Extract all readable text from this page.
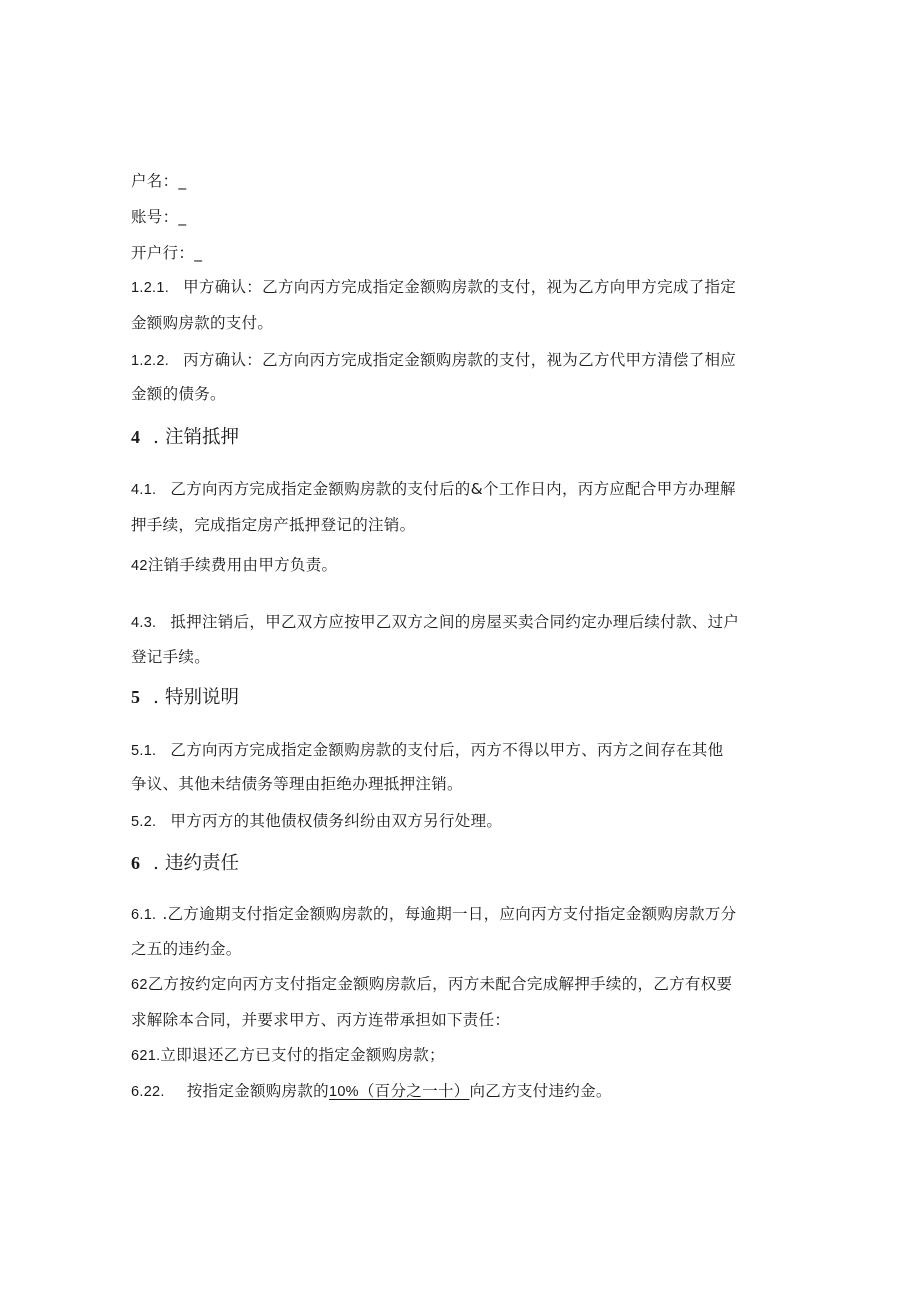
户名：_
账号：_
开户行：_
1.2.1. 甲方确认：乙方向丙方完成指定金额购房款的支付，视为乙方向甲方完成了指定
金额购房款的支付。
1.2.2. 丙方确认：乙方向丙方完成指定金额购房款的支付，视为乙方代甲方清偿了相应
金额的债务。
4 . 注销抵押
4.1. 乙方向丙方完成指定金额购房款的支付后的&个工作日内，丙方应配合甲方办理解
押手续，完成指定房产抵押登记的注销。
42注销手续费用由甲方负责。
4.3. 抵押注销后，甲乙双方应按甲乙双方之间的房屋买卖合同约定办理后续付款、过户
登记手续。
5 . 特别说明
5.1. 乙方向丙方完成指定金额购房款的支付后，丙方不得以甲方、丙方之间存在其他
争议、其他未结债务等理由拒绝办理抵押注销。
5.2. 甲方丙方的其他债权债务纠纷由双方另行处理。
6 . 违约责任
6.1. .乙方逾期支付指定金额购房款的，每逾期一日，应向丙方支付指定金额购房款万分
之五的违约金。
62乙方按约定向丙方支付指定金额购房款后，丙方未配合完成解押手续的，乙方有权要
求解除本合同，并要求甲方、丙方连带承担如下责任：
621.立即退还乙方已支付的指定金额购房款；
6.22. 按指定金额购房款的10%（百分之一十）向乙方支付违约金。
